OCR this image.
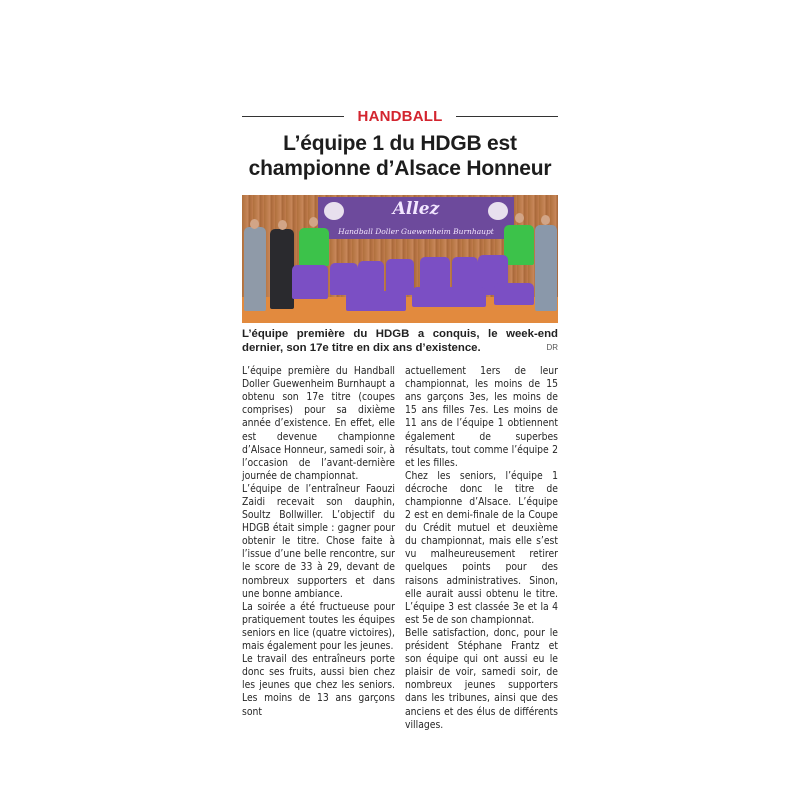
HANDBALL
L’équipe 1 du HDGB est championne d’Alsace Honneur
Allez
Handball Doller Guewenheim Burnhaupt
L’équipe première du HDGB a conquis, le week-end dernier, son 17e titre en dix ans d’existence.	DR

L’équipe première du Handball Doller Guewenheim Burnhaupt a obtenu son 17e titre (coupes comprises) pour sa dixième année d’existence. En effet, elle est devenue championne d’Alsace Honneur, samedi soir, à l’occasion de l’avant-dernière journée de championnat.

L’équipe de l’entraîneur Faouzi Zaidi recevait son dauphin, Soultz Bollwiller. L’objectif du HDGB était simple : gagner pour obtenir le titre. Chose faite à l’issue d’une belle rencontre, sur le score de 33 à 29, devant de nombreux supporters et dans une bonne ambiance.

La soirée a été fructueuse pour pratiquement toutes les équipes seniors en lice (quatre victoires), mais également pour les jeunes.

Le travail des entraîneurs porte donc ses fruits, aussi bien chez les jeunes que chez les seniors. Les moins de 13 ans garçons sont

actuellement 1ers de leur championnat, les moins de 15 ans garçons 3es, les moins de 15 ans filles 7es. Les moins de 11 ans de l’équipe 1 obtiennent également de superbes résultats, tout comme l’équipe 2 et les filles.

Chez les seniors, l’équipe 1 décroche donc le titre de championne d’Alsace. L’équipe 2 est en demi-finale de la Coupe du Crédit mutuel et deuxième du championnat, mais elle s’est vu malheureusement retirer quelques points pour des raisons administratives. Sinon, elle aurait aussi obtenu le titre. L’équipe 3 est classée 3e et la 4 est 5e de son championnat.

Belle satisfaction, donc, pour le président Stéphane Frantz et son équipe qui ont aussi eu le plaisir de voir, samedi soir, de nombreux jeunes supporters dans les tribunes, ainsi que des anciens et des élus de différents villages.
